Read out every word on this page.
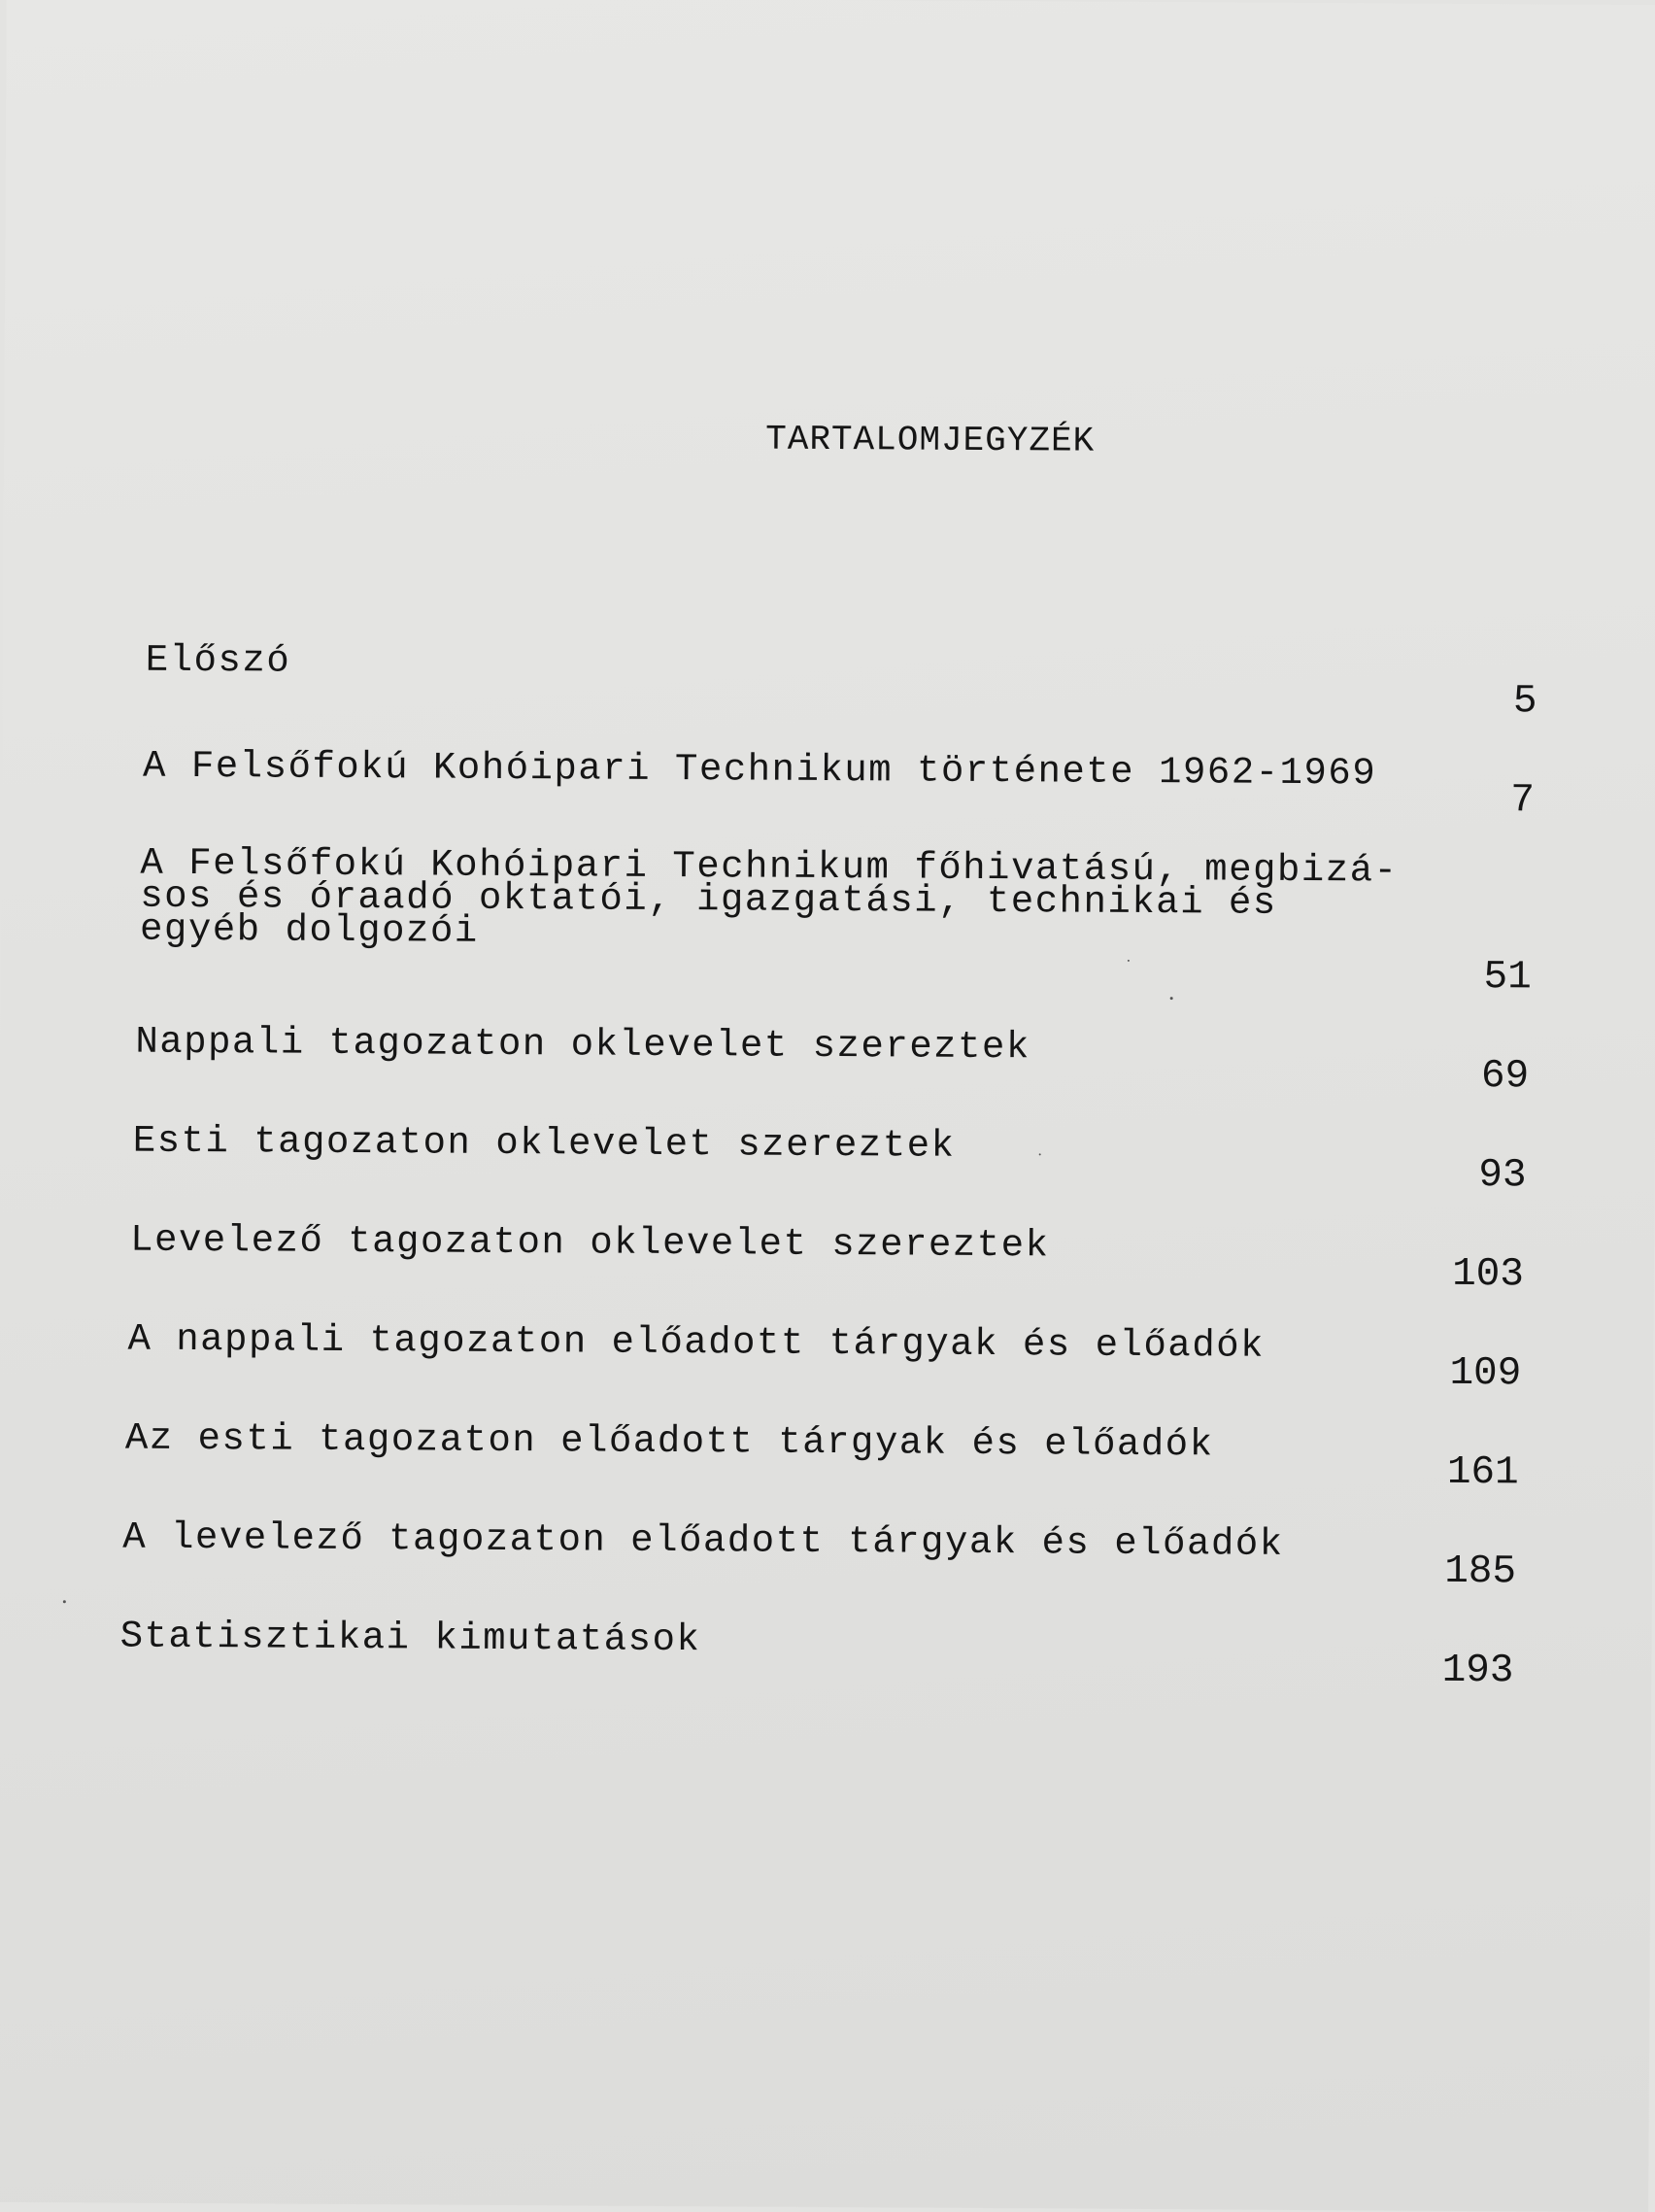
TARTALOMJEGYZÉK
Előszó
5
A Felsőfokú Kohóipari Technikum története 1962-1969
7
A Felsőfokú Kohóipari Technikum főhivatású, megbizá-
sos és óraadó oktatói, igazgatási, technikai és
egyéb dolgozói
51
Nappali tagozaton oklevelet szereztek
69
Esti tagozaton oklevelet szereztek
93
Levelező tagozaton oklevelet szereztek
103
A nappali tagozaton előadott tárgyak és előadók
109
Az esti tagozaton előadott tárgyak és előadók
161
A levelező tagozaton előadott tárgyak és előadók
185
Statisztikai kimutatások
193
